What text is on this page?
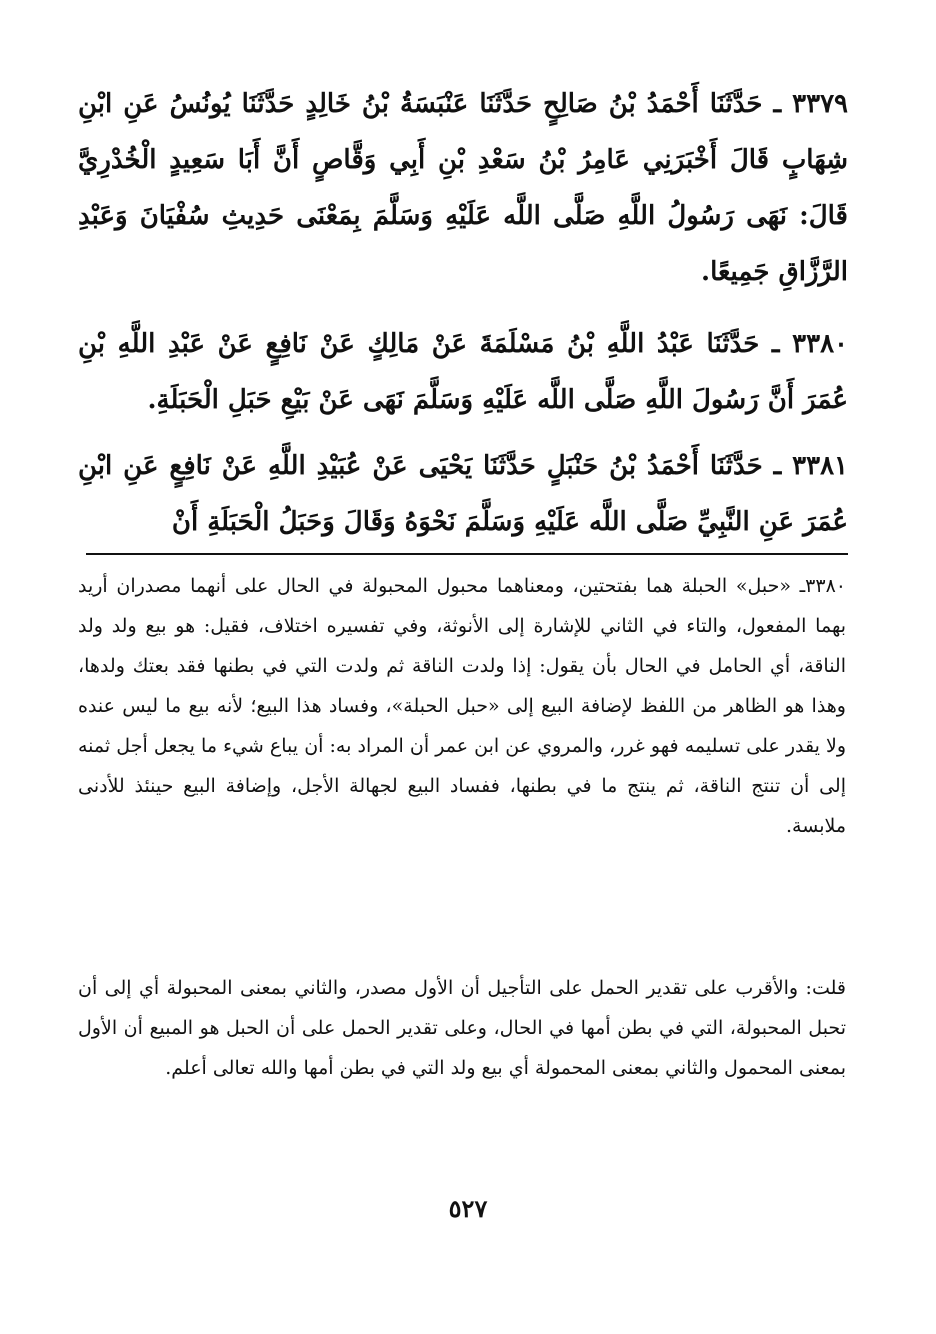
٣٣٧٩ ـ حَدَّثَنَا أَحْمَدُ بْنُ صَالِحٍ حَدَّثَنَا عَنْبَسَةُ بْنُ خَالِدٍ حَدَّثَنَا يُونُسُ عَنِ ابْنِ شِهَابٍ قَالَ أَخْبَرَنِي عَامِرُ بْنُ سَعْدِ بْنِ أَبِي وَقَّاصٍ أَنَّ أَبَا سَعِيدٍ الْخُدْرِيَّ قَالَ: نَهَى رَسُولُ اللَّهِ صَلَّى اللَّه عَلَيْهِ وَسَلَّمَ بِمَعْنَى حَدِيثِ سُفْيَانَ وَعَبْدِ الرَّزَّاقِ جَمِيعًا.
٣٣٨٠ ـ حَدَّثَنَا عَبْدُ اللَّهِ بْنُ مَسْلَمَةَ عَنْ مَالِكٍ عَنْ نَافِعٍ عَنْ عَبْدِ اللَّهِ بْنِ عُمَرَ أَنَّ رَسُولَ اللَّهِ صَلَّى اللَّه عَلَيْهِ وَسَلَّمَ نَهَى عَنْ بَيْعِ حَبَلِ الْحَبَلَةِ.
٣٣٨١ ـ حَدَّثَنَا أَحْمَدُ بْنُ حَنْبَلٍ حَدَّثَنَا يَحْيَى عَنْ عُبَيْدِ اللَّهِ عَنْ نَافِعٍ عَنِ ابْنِ عُمَرَ عَنِ النَّبِيِّ صَلَّى اللَّه عَلَيْهِ وَسَلَّمَ نَحْوَهُ وَقَالَ وَحَبَلُ الْحَبَلَةِ أَنْ
٣٣٨٠ـ «حبل» الحبلة هما بفتحتين، ومعناهما محبول المحبولة في الحال على أنهما مصدران أريد بهما المفعول، والتاء في الثاني للإشارة إلى الأنوثة، وفي تفسيره اختلاف، فقيل: هو بيع ولد ولد الناقة، أي الحامل في الحال بأن يقول: إذا ولدت الناقة ثم ولدت التي في بطنها فقد بعتك ولدها، وهذا هو الظاهر من اللفظ لإضافة البيع إلى «حبل الحبلة»، وفساد هذا البيع؛ لأنه بيع ما ليس عنده ولا يقدر على تسليمه فهو غرر، والمروي عن ابن عمر أن المراد به: أن يباع شيء ما يجعل أجل ثمنه إلى أن تنتج الناقة، ثم ينتج ما في بطنها، ففساد البيع لجهالة الأجل، وإضافة البيع حينئذ للأدنى ملابسة.
قلت: والأقرب على تقدير الحمل على التأجيل أن الأول مصدر، والثاني بمعنى المحبولة أي إلى أن تحبل المحبولة، التي في بطن أمها في الحال، وعلى تقدير الحمل على أن الحبل هو المبيع أن الأول بمعنى المحمول والثاني بمعنى المحمولة أي بيع ولد التي في بطن أمها والله تعالى أعلم.
٥٢٧
